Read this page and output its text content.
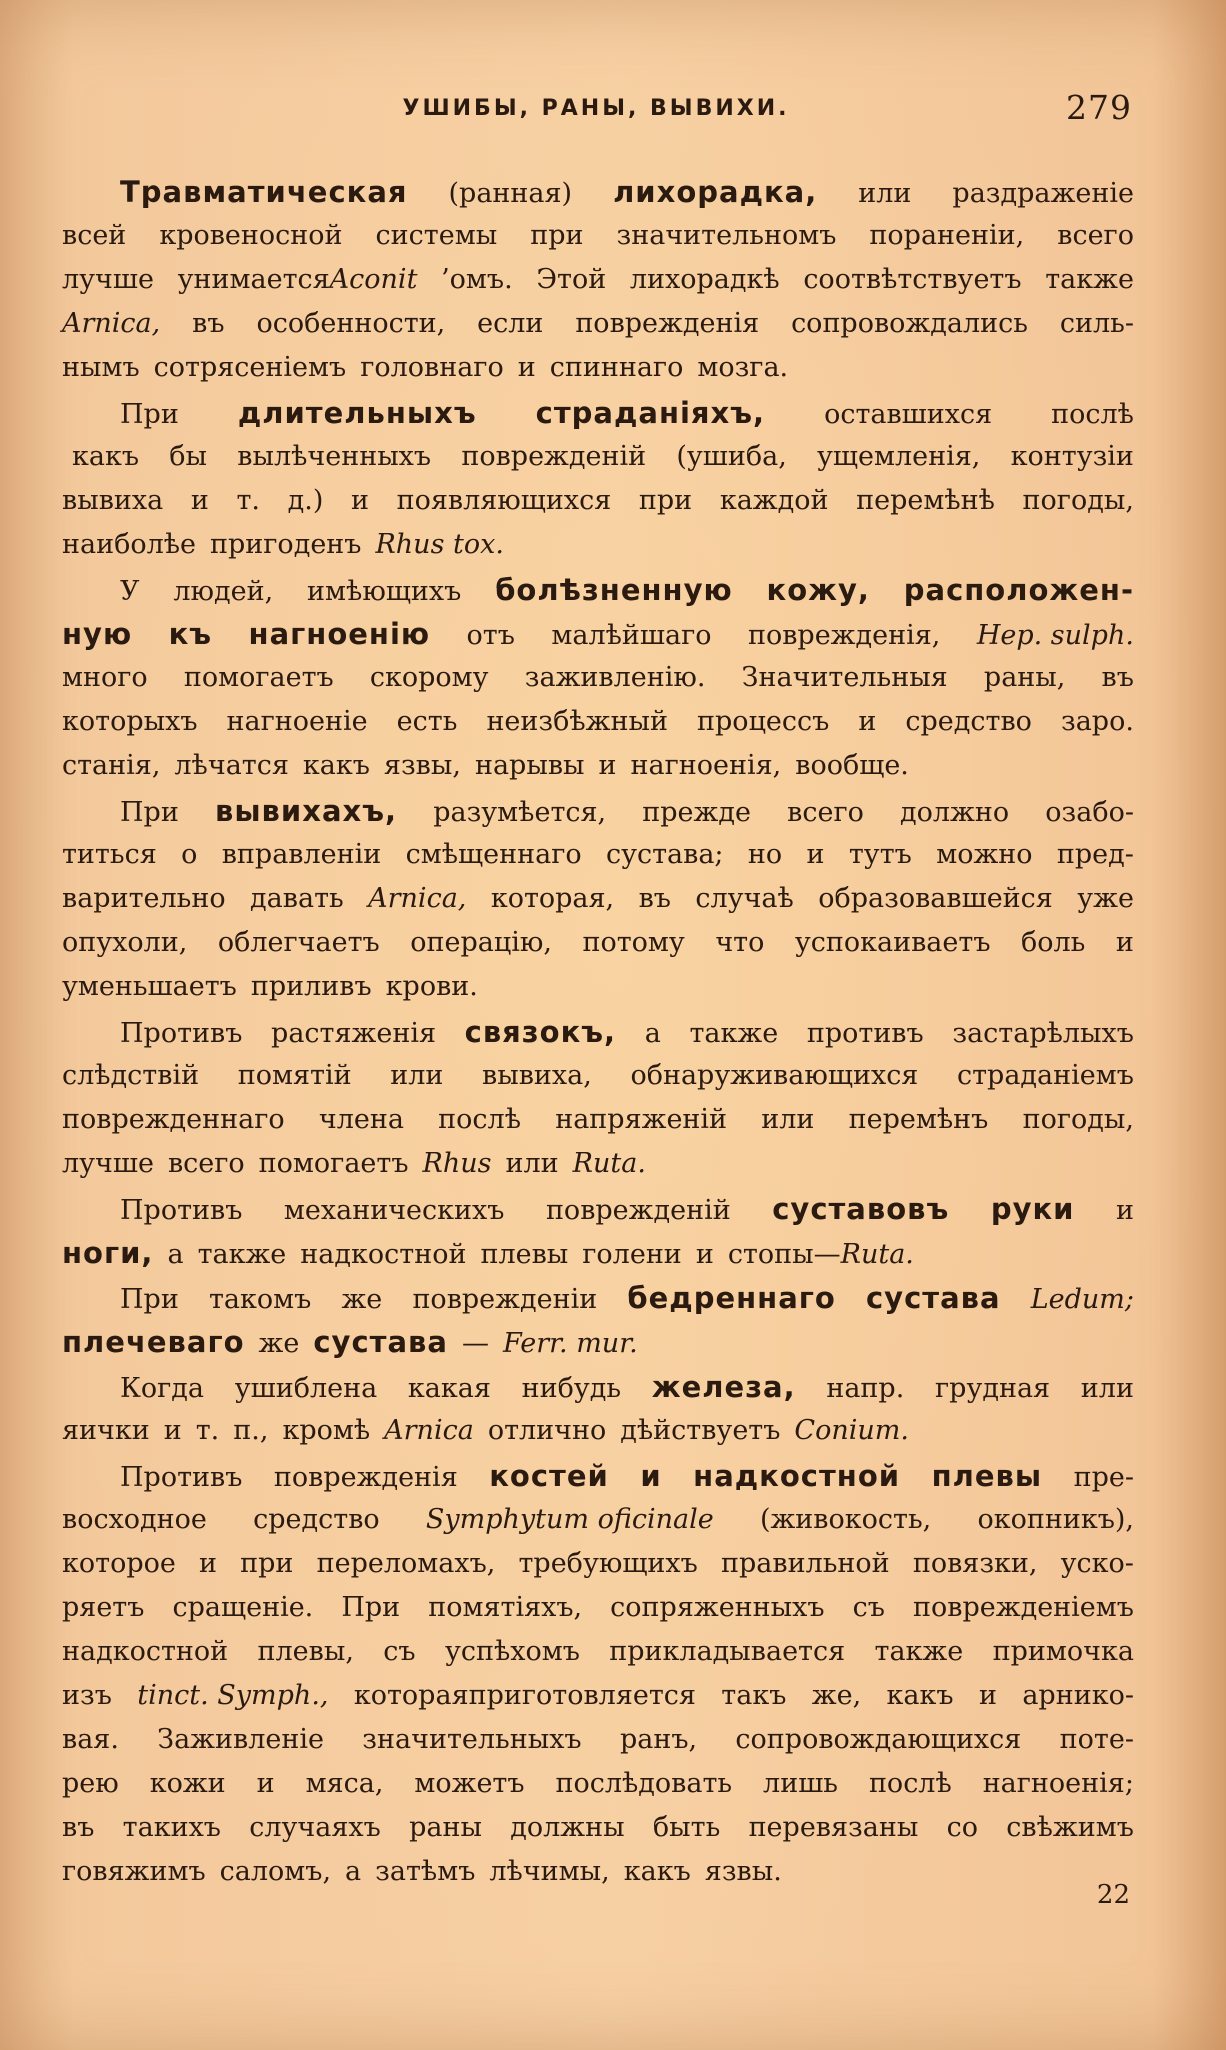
УШИБЫ, РАНЫ, ВЫВИХИ.	279
Травматическая (ранная) лихорадка, или раздраженіе
всей кровеносной системы при значительномъ пораненіи, всего
лучше унимаетсяAconit ’омъ. Этой лихорадкѣ соотвѣтствуетъ также
Arnica, въ особенности, если поврежденія сопровождались силь-
нымъ сотрясеніемъ головнаго и спиннаго мозга.
При длительныхъ страданіяхъ, оставшихся послѣ
какъ бы вылѣченныхъ поврежденій (ушиба, ущемленія, контузіи
вывиха и т. д.) и появляющихся при каждой перемѣнѣ погоды,
наиболѣе пригоденъ Rhus tox.
У людей, имѣющихъ болѣзненную кожу, расположен-
ную къ нагноенію отъ малѣйшаго поврежденія, Hep. sulph.
много помогаетъ скорому заживленію. Значительныя раны, въ
которыхъ нагноеніе есть неизбѣжный процессъ и средство заро.
станія, лѣчатся какъ язвы, нарывы и нагноенія, вообще.
При вывихахъ, разумѣется, прежде всего должно озабо-
титься о вправленіи смѣщеннаго сустава; но и тутъ можно пред-
варительно давать Arnica, которая, въ случаѣ образовавшейся уже
опухоли, облегчаетъ операцію, потому что успокаиваетъ боль и
уменьшаетъ приливъ крови.
Противъ растяженія связокъ, а также противъ застарѣлыхъ
слѣдствій помятій или вывиха, обнаруживающихся страданіемъ
поврежденнаго члена послѣ напряженій или перемѣнъ погоды,
лучше всего помогаетъ Rhus или Ruta.
Противъ механическихъ поврежденій суставовъ руки и
ноги, а также надкостной плевы голени и стопы—Ruta.
При такомъ же поврежденіи бедреннаго сустава Ledum;
плечеваго же сустава — Ferr. mur.
Когда ушиблена какая нибудь железа, напр. грудная или
яички и т. п., кромѣ Arnica отлично дѣйствуетъ Conium.
Противъ поврежденія костей и надкостной плевы пре-
восходное средство Symphytum oficinale (живокость, окопникъ),
которое и при переломахъ, требующихъ правильной повязки, уско-
ряетъ сращеніе. При помятіяхъ, сопряженныхъ съ поврежденіемъ
надкостной плевы, съ успѣхомъ прикладывается также примочка
изъ tinct. Symph., котораяприготовляется такъ же, какъ и арнико-
вая. Заживленіе значительныхъ ранъ, сопровождающихся поте-
рею кожи и мяса, можетъ послѣдовать лишь послѣ нагноенія;
въ такихъ случаяхъ раны должны быть перевязаны со свѣжимъ
говяжимъ саломъ, а затѣмъ лѣчимы, какъ язвы.
22
